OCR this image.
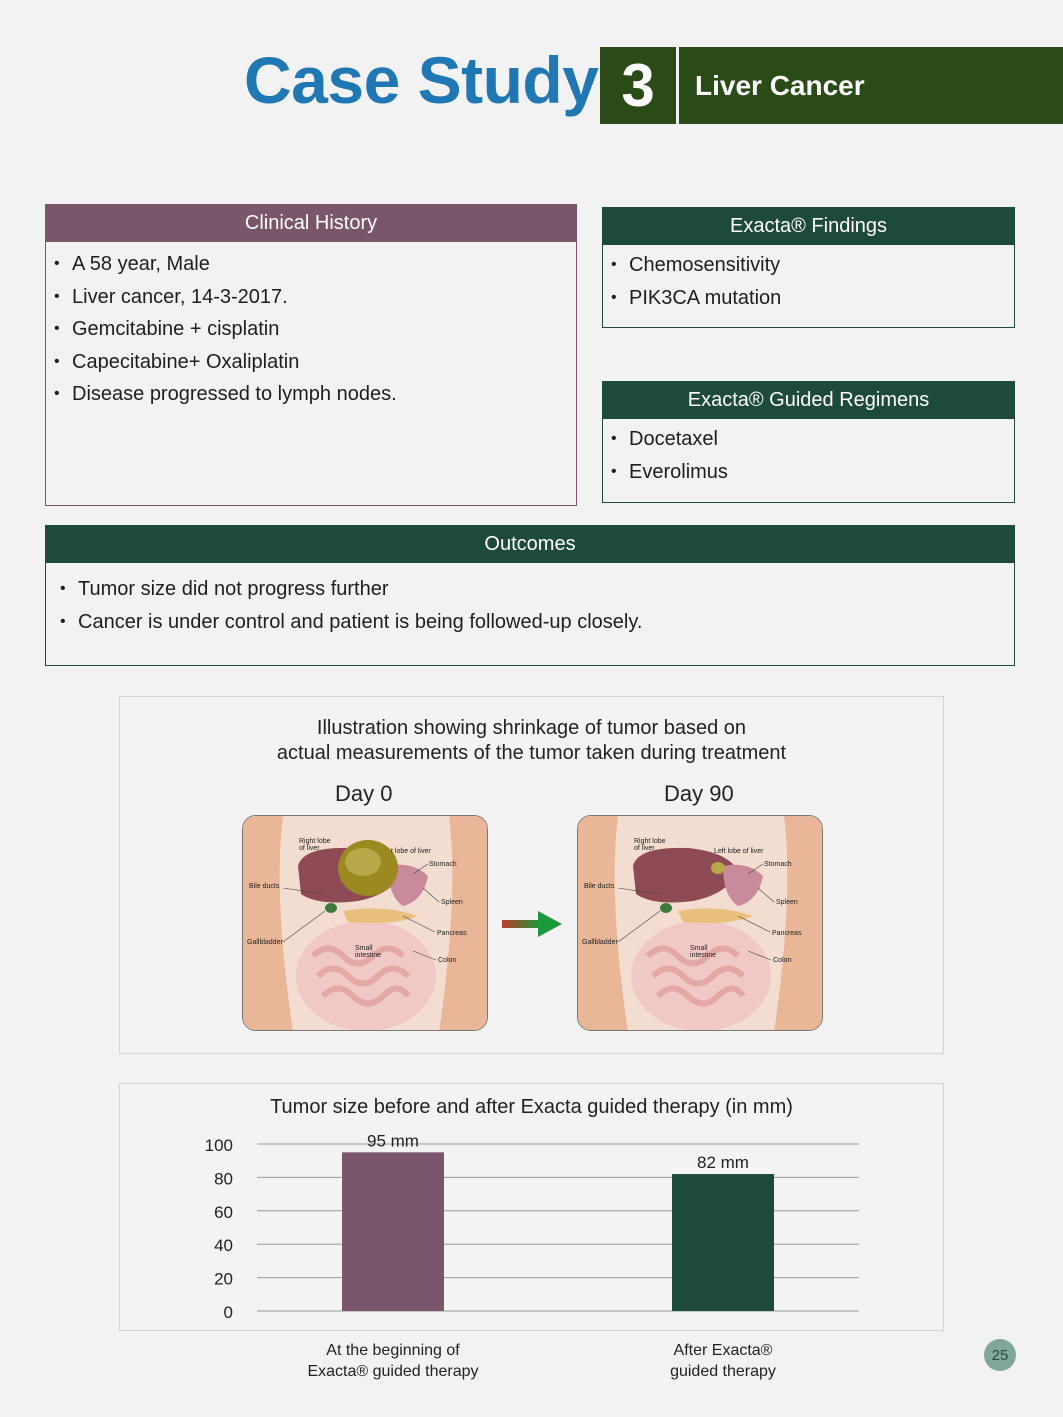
Case Study 3	Liver Cancer
Clinical History
• A 58 year, Male
• Liver cancer, 14-3-2017.
• Gemcitabine + cisplatin
• Capecitabine+ Oxaliplatin
• Disease progressed to lymph nodes.
Exacta® Findings
• Chemosensitivity
• PIK3CA mutation
Exacta® Guided Regimens
• Docetaxel
• Everolimus
Outcomes
• Tumor size did not progress further
• Cancer is under control and patient is being followed-up closely.
Illustration showing shrinkage of tumor based on
actual measurements of the tumor taken during treatment
Day 0	Day 90
Right lobe
of liver	t lobe of liver
Stomach
Bile ducts
Spleen
Pancreas
Gallbladder
Small
intestine
Colon
Right lobe
of liver	Left lobe of liver
Stomach
Bile ducts
Spleen
Pancreas
Gallbladder
Small
intestine
Colon
Tumor size before and after Exacta guided therapy (in mm)
0
20
40
60
80
100	95 mm
82 mm
At the beginning of
Exacta® guided therapy
After Exacta®
guided therapy
25
